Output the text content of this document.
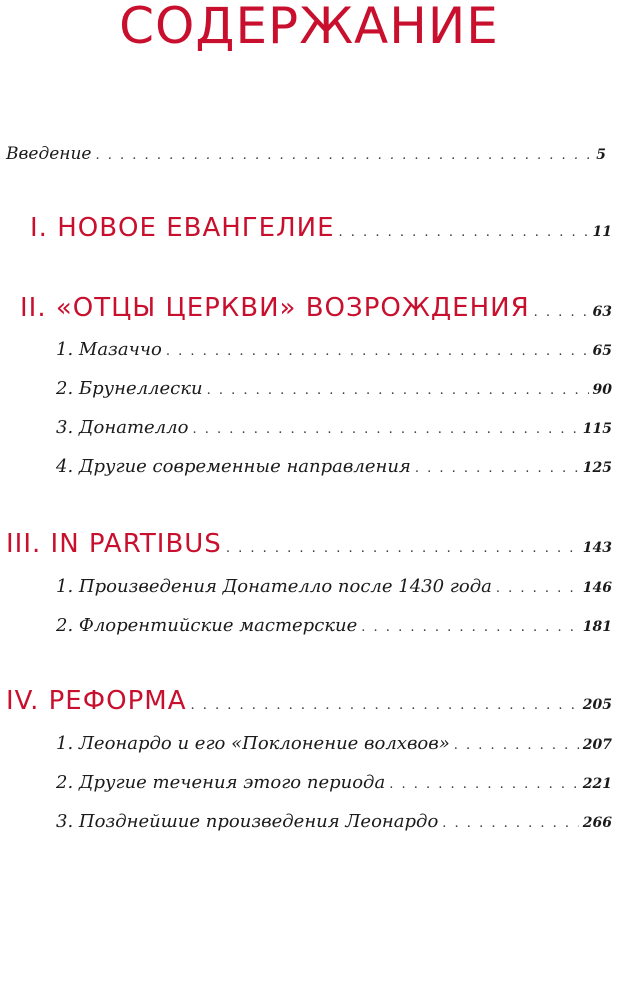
СОДЕРЖАНИЕ
Введение . . .	5
I. НОВОЕ ЕВАНГЕЛИЕ . . .	11
II. «ОТЦЫ ЦЕРКВИ» ВОЗРОЖДЕНИЯ . . .	63
1. Мазаччо . . .	65
2. Брунеллески . . .	90
3. Донателло . . .	115
4. Другие современные направления . . .	125
III. IN PARTIBUS . . .	143
1. Произведения Донателло после 1430 года . . .	146
2. Флорентийские мастерские . . .	181
IV. РЕФОРМА . . .	205
1. Леонардо и его «Поклонение волхвов» . . .	207
2. Другие течения этого периода . . .	221
3. Позднейшие произведения Леонардо . . .	266
